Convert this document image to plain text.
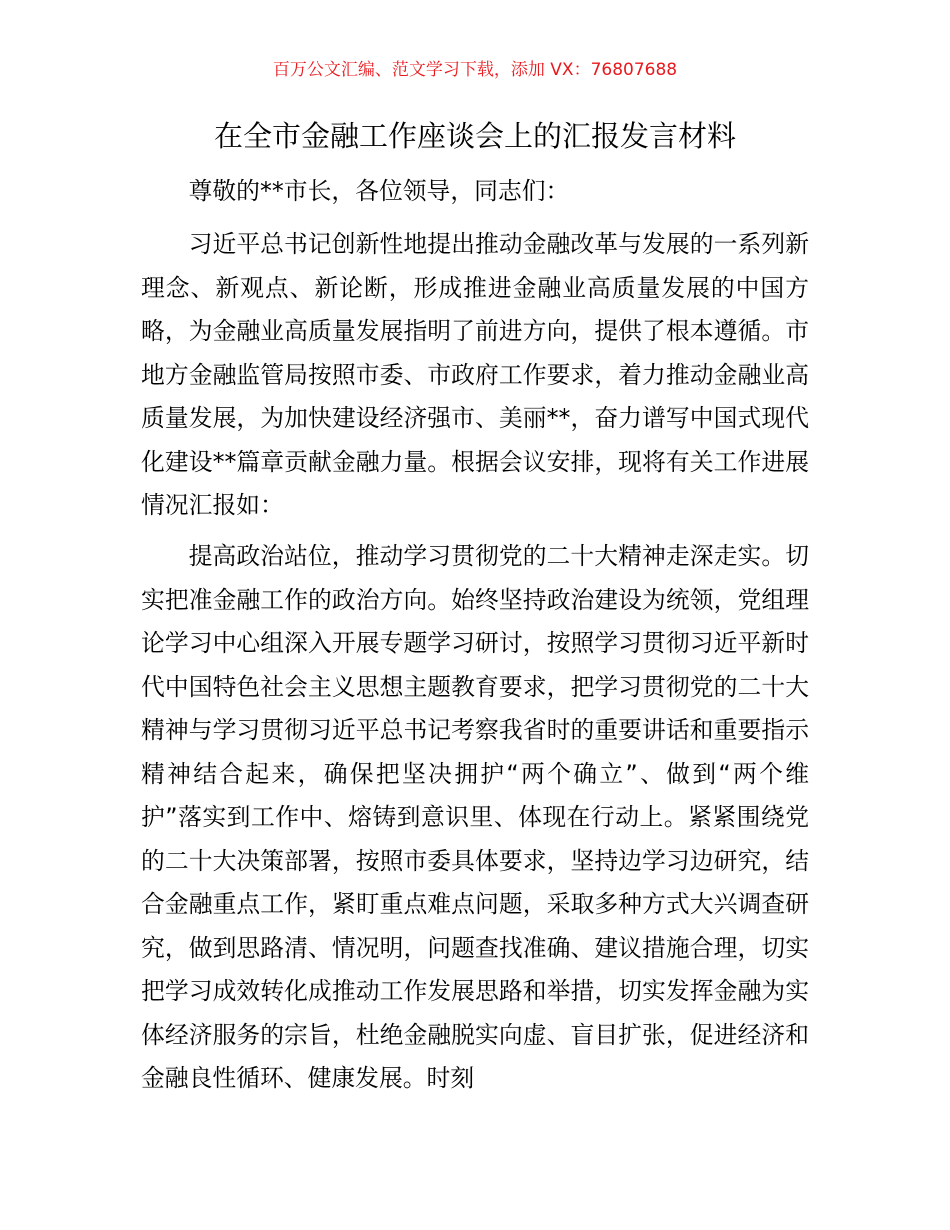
百万公文汇编、范文学习下载，添加 VX：76807688
在全市金融工作座谈会上的汇报发言材料

尊敬的**市长，各位领导，同志们：

习近平总书记创新性地提出推动金融改革与发展的一系列新理念、新观点、新论断，形成推进金融业高质量发展的中国方略，为金融业高质量发展指明了前进方向，提供了根本遵循。市地方金融监管局按照市委、市政府工作要求，着力推动金融业高质量发展，为加快建设经济强市、美丽**，奋力谱写中国式现代化建设**篇章贡献金融力量。根据会议安排，现将有关工作进展情况汇报如：

提高政治站位，推动学习贯彻党的二十大精神走深走实。切实把准金融工作的政治方向。始终坚持政治建设为统领，党组理论学习中心组深入开展专题学习研讨，按照学习贯彻习近平新时代中国特色社会主义思想主题教育要求，把学习贯彻党的二十大精神与学习贯彻习近平总书记考察我省时的重要讲话和重要指示精神结合起来，确保把坚决拥护“两个确立”、做到“两个维护”落实到工作中、熔铸到意识里、体现在行动上。紧紧围绕党的二十大决策部署，按照市委具体要求，坚持边学习边研究，结合金融重点工作，紧盯重点难点问题，采取多种方式大兴调查研究，做到思路清、情况明，问题查找准确、建议措施合理，切实把学习成效转化成推动工作发展思路和举措，切实发挥金融为实体经济服务的宗旨，杜绝金融脱实向虚、盲目扩张，促进经济和金融良性循环、健康发展。时刻
